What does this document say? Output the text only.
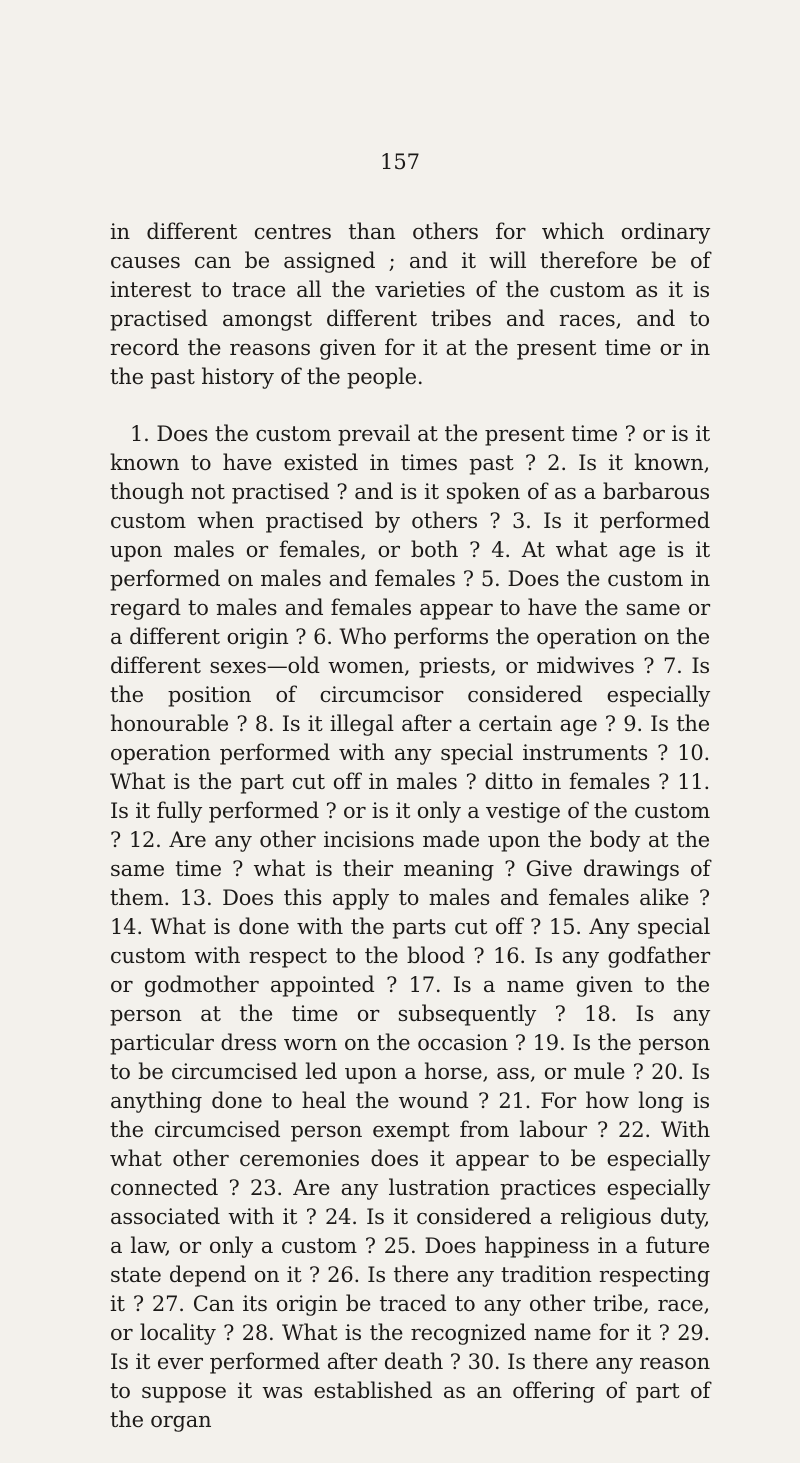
157

in different centres than others for which ordinary causes can be assigned ; and it will therefore be of interest to trace all the varieties of the custom as it is practised amongst different tribes and races, and to record the reasons given for it at the present time or in the past history of the people.

1. Does the custom prevail at the present time ? or is it known to have existed in times past ? 2. Is it known, though not practised ? and is it spoken of as a barbarous custom when practised by others ? 3. Is it performed upon males or females, or both ? 4. At what age is it performed on males and females ? 5. Does the custom in regard to males and females appear to have the same or a different origin ? 6. Who performs the operation on the different sexes—old women, priests, or midwives ? 7. Is the position of circumcisor considered especially honourable ? 8. Is it illegal after a certain age ? 9. Is the operation performed with any special instruments ? 10. What is the part cut off in males ? ditto in females ? 11. Is it fully performed ? or is it only a vestige of the custom ? 12. Are any other incisions made upon the body at the same time ? what is their meaning ? Give drawings of them. 13. Does this apply to males and females alike ? 14. What is done with the parts cut off ? 15. Any special custom with respect to the blood ? 16. Is any godfather or godmother appointed ? 17. Is a name given to the person at the time or subsequently ? 18. Is any particular dress worn on the occasion ? 19. Is the person to be circumcised led upon a horse, ass, or mule ? 20. Is anything done to heal the wound ? 21. For how long is the circumcised person exempt from labour ? 22. With what other ceremonies does it appear to be especially connected ? 23. Are any lustration practices especially associated with it ? 24. Is it considered a religious duty, a law, or only a custom ? 25. Does happiness in a future state depend on it ? 26. Is there any tradition respecting it ? 27. Can its origin be traced to any other tribe, race, or locality ? 28. What is the recognized name for it ? 29. Is it ever performed after death ? 30. Is there any reason to suppose it was established as an offering of part of the organ
